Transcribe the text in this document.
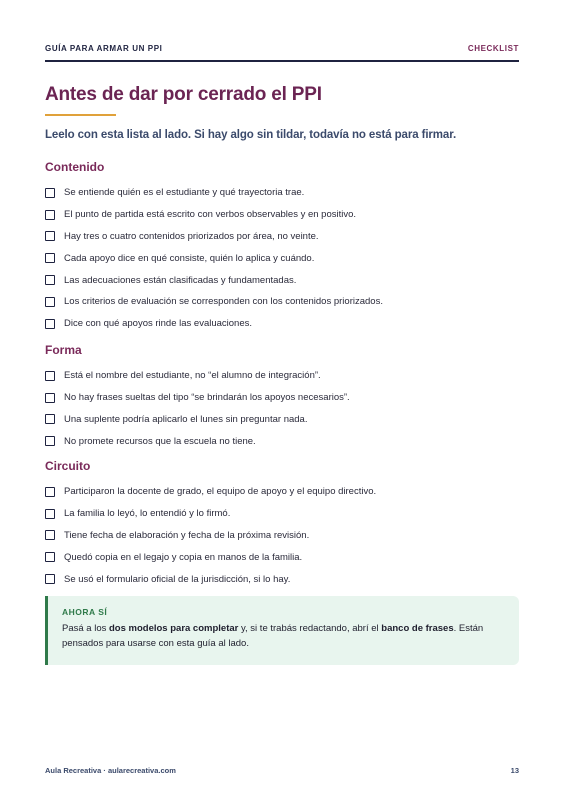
GUÍA PARA ARMAR UN PPI	CHECKLIST
Antes de dar por cerrado el PPI
Leelo con esta lista al lado. Si hay algo sin tildar, todavía no está para firmar.
Contenido
Se entiende quién es el estudiante y qué trayectoria trae.
El punto de partida está escrito con verbos observables y en positivo.
Hay tres o cuatro contenidos priorizados por área, no veinte.
Cada apoyo dice en qué consiste, quién lo aplica y cuándo.
Las adecuaciones están clasificadas y fundamentadas.
Los criterios de evaluación se corresponden con los contenidos priorizados.
Dice con qué apoyos rinde las evaluaciones.
Forma
Está el nombre del estudiante, no “el alumno de integración”.
No hay frases sueltas del tipo “se brindarán los apoyos necesarios”.
Una suplente podría aplicarlo el lunes sin preguntar nada.
No promete recursos que la escuela no tiene.
Circuito
Participaron la docente de grado, el equipo de apoyo y el equipo directivo.
La familia lo leyó, lo entendió y lo firmó.
Tiene fecha de elaboración y fecha de la próxima revisión.
Quedó copia en el legajo y copia en manos de la familia.
Se usó el formulario oficial de la jurisdicción, si lo hay.
AHORA SÍ
Pasá a los dos modelos para completar y, si te trabás redactando, abrí el banco de frases. Están pensados para usarse con esta guía al lado.
Aula Recreativa · aularecreativa.com	13
